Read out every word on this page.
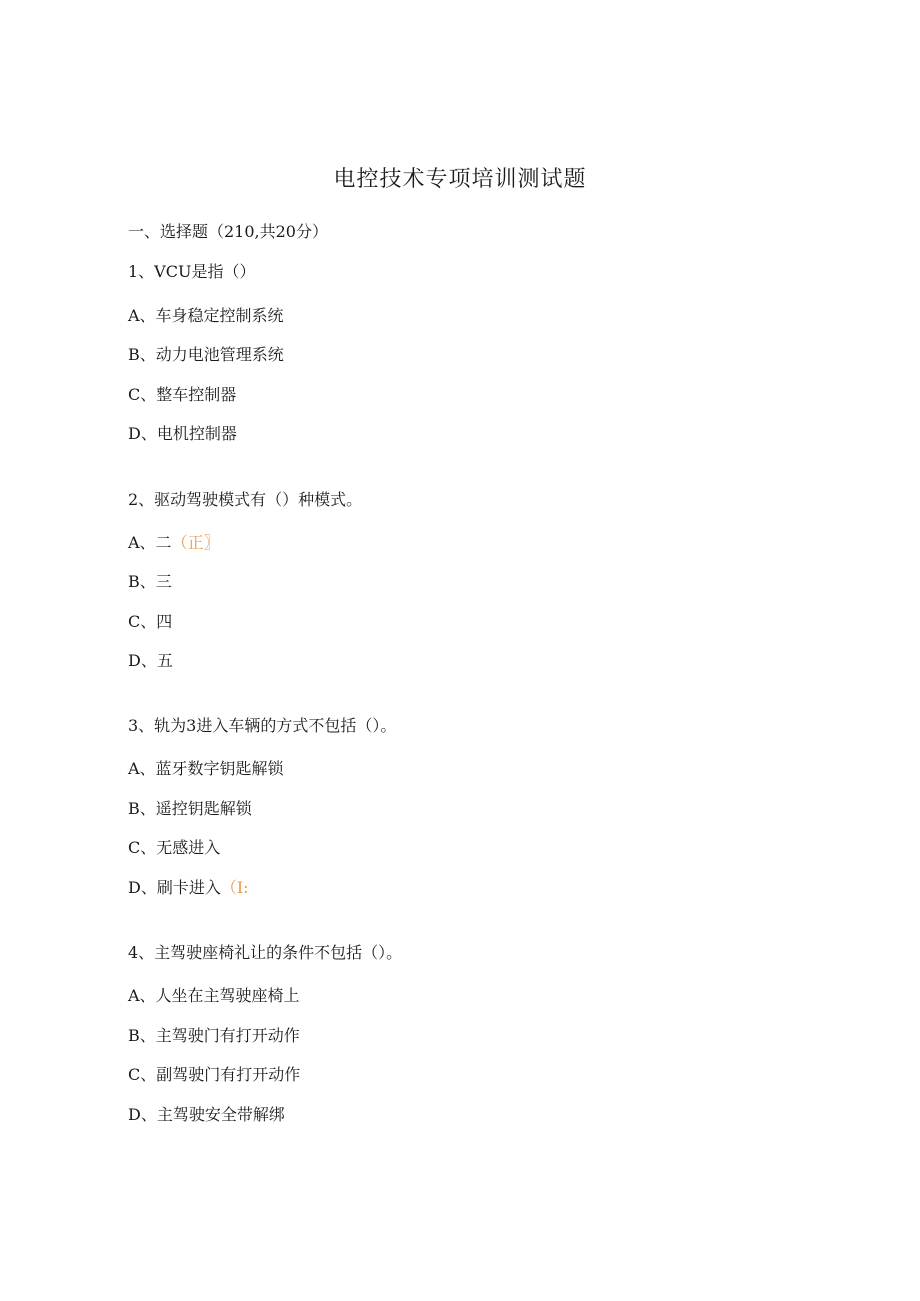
电控技术专项培训测试题
一、选择题（210,共20分）
1、VCU是指（）
A、车身稳定控制系统
B、动力电池管理系统
C、整车控制器
D、电机控制器
2、驱动驾驶模式有（）种模式。
A、二（正〗
B、三
C、四
D、五
3、轨为3进入车辆的方式不包括（）。
A、蓝牙数字钥匙解锁
B、遥控钥匙解锁
C、无感进入
D、刷卡进入（I:
4、主驾驶座椅礼让的条件不包括（）。
A、人坐在主驾驶座椅上
B、主驾驶门有打开动作
C、副驾驶门有打开动作
D、主驾驶安全带解绑
